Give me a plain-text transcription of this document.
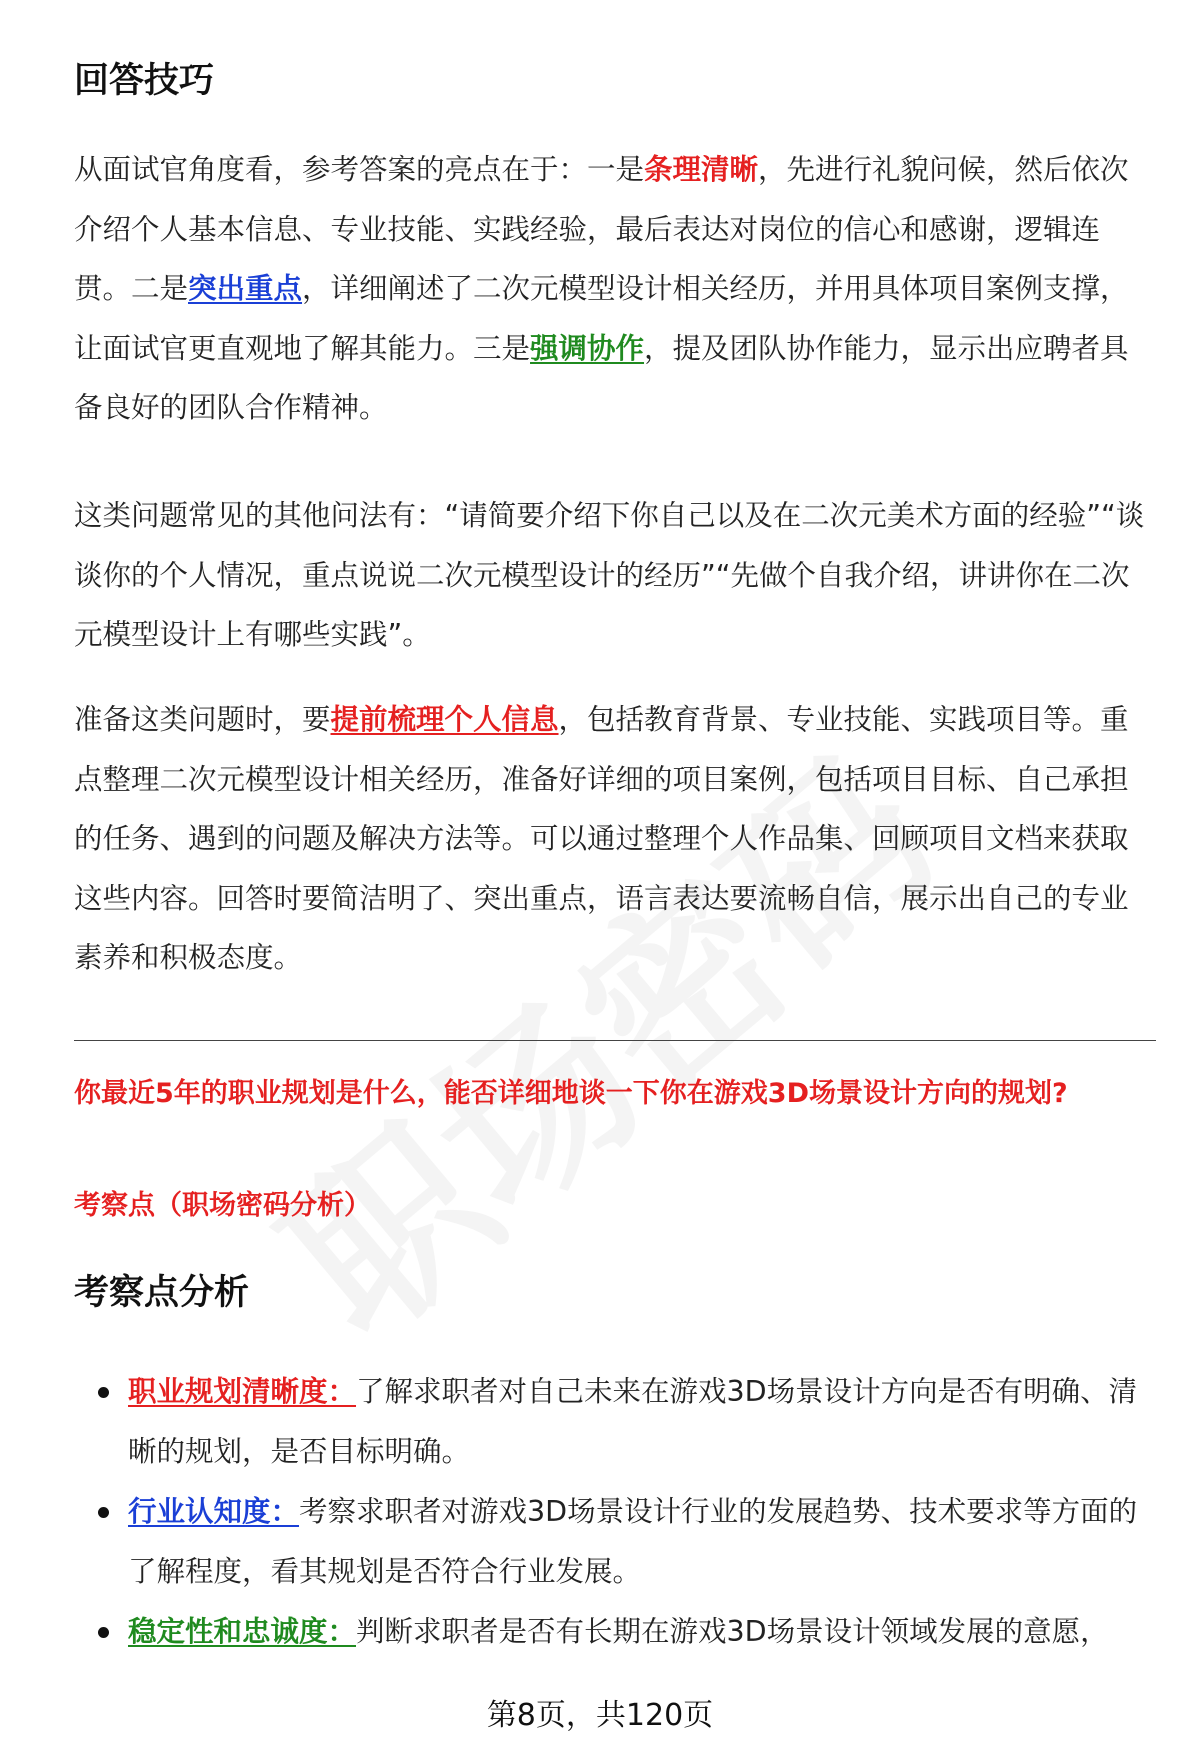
回答技巧

从面试官角度看，参考答案的亮点在于：一是条理清晰，先进行礼貌问候，然后依次介绍个人基本信息、专业技能、实践经验，最后表达对岗位的信心和感谢，逻辑连贯。二是突出重点，详细阐述了二次元模型设计相关经历，并用具体项目案例支撑，让面试官更直观地了解其能力。三是强调协作，提及团队协作能力，显示出应聘者具备良好的团队合作精神。

这类问题常见的其他问法有：“请简要介绍下你自己以及在二次元美术方面的经验”“谈谈你的个人情况，重点说说二次元模型设计的经历”“先做个自我介绍，讲讲你在二次元模型设计上有哪些实践”。

准备这类问题时，要提前梳理个人信息，包括教育背景、专业技能、实践项目等。重点整理二次元模型设计相关经历，准备好详细的项目案例，包括项目目标、自己承担的任务、遇到的问题及解决方法等。可以通过整理个人作品集、回顾项目文档来获取这些内容。回答时要简洁明了、突出重点，语言表达要流畅自信，展示出自己的专业素养和积极态度。

你最近5年的职业规划是什么，能否详细地谈一下你在游戏3D场景设计方向的规划?

考察点（职场密码分析）

考察点分析
职业规划清晰度：了解求职者对自己未来在游戏3D场景设计方向是否有明确、清晰的规划，是否目标明确。
行业认知度：考察求职者对游戏3D场景设计行业的发展趋势、技术要求等方面的了解程度，看其规划是否符合行业发展。
稳定性和忠诚度：判断求职者是否有长期在游戏3D场景设计领域发展的意愿，
第8页，共120页
